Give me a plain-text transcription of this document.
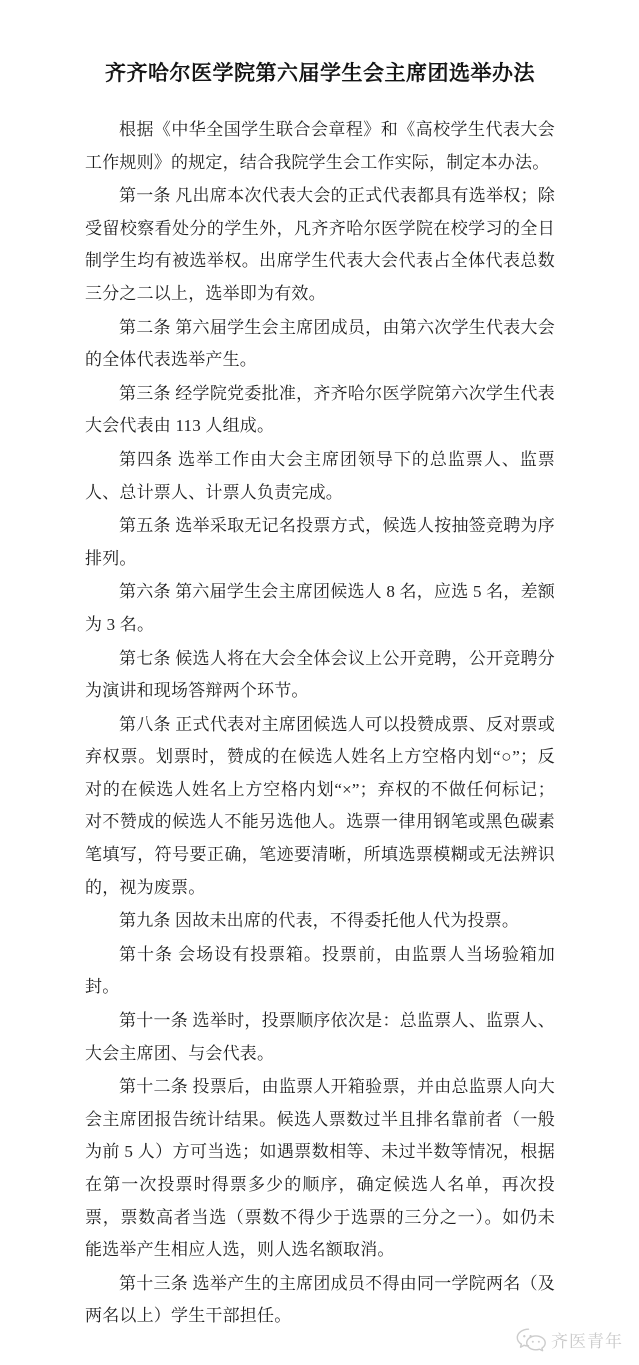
齐齐哈尔医学院第六届学生会主席团选举办法

根据《中华全国学生联合会章程》和《高校学生代表大会工作规则》的规定，结合我院学生会工作实际，制定本办法。

第一条 凡出席本次代表大会的正式代表都具有选举权；除受留校察看处分的学生外，凡齐齐哈尔医学院在校学习的全日制学生均有被选举权。出席学生代表大会代表占全体代表总数三分之二以上，选举即为有效。

第二条 第六届学生会主席团成员，由第六次学生代表大会的全体代表选举产生。

第三条 经学院党委批准，齐齐哈尔医学院第六次学生代表大会代表由 113 人组成。

第四条 选举工作由大会主席团领导下的总监票人、监票人、总计票人、计票人负责完成。

第五条 选举采取无记名投票方式，候选人按抽签竞聘为序排列。

第六条 第六届学生会主席团候选人 8 名，应选 5 名，差额为 3 名。

第七条 候选人将在大会全体会议上公开竞聘，公开竞聘分为演讲和现场答辩两个环节。

第八条 正式代表对主席团候选人可以投赞成票、反对票或弃权票。划票时，赞成的在候选人姓名上方空格内划“○”；反对的在候选人姓名上方空格内划“×”；弃权的不做任何标记；对不赞成的候选人不能另选他人。选票一律用钢笔或黑色碳素笔填写，符号要正确，笔迹要清晰，所填选票模糊或无法辨识的，视为废票。

第九条 因故未出席的代表，不得委托他人代为投票。

第十条 会场设有投票箱。投票前，由监票人当场验箱加封。

第十一条 选举时，投票顺序依次是：总监票人、监票人、大会主席团、与会代表。

第十二条 投票后，由监票人开箱验票，并由总监票人向大会主席团报告统计结果。候选人票数过半且排名靠前者（一般为前 5 人）方可当选；如遇票数相等、未过半数等情况，根据在第一次投票时得票多少的顺序，确定候选人名单，再次投票，票数高者当选（票数不得少于选票的三分之一）。如仍未能选举产生相应人选，则人选名额取消。

第十三条 选举产生的主席团成员不得由同一学院两名（及两名以上）学生干部担任。

齐医青年
